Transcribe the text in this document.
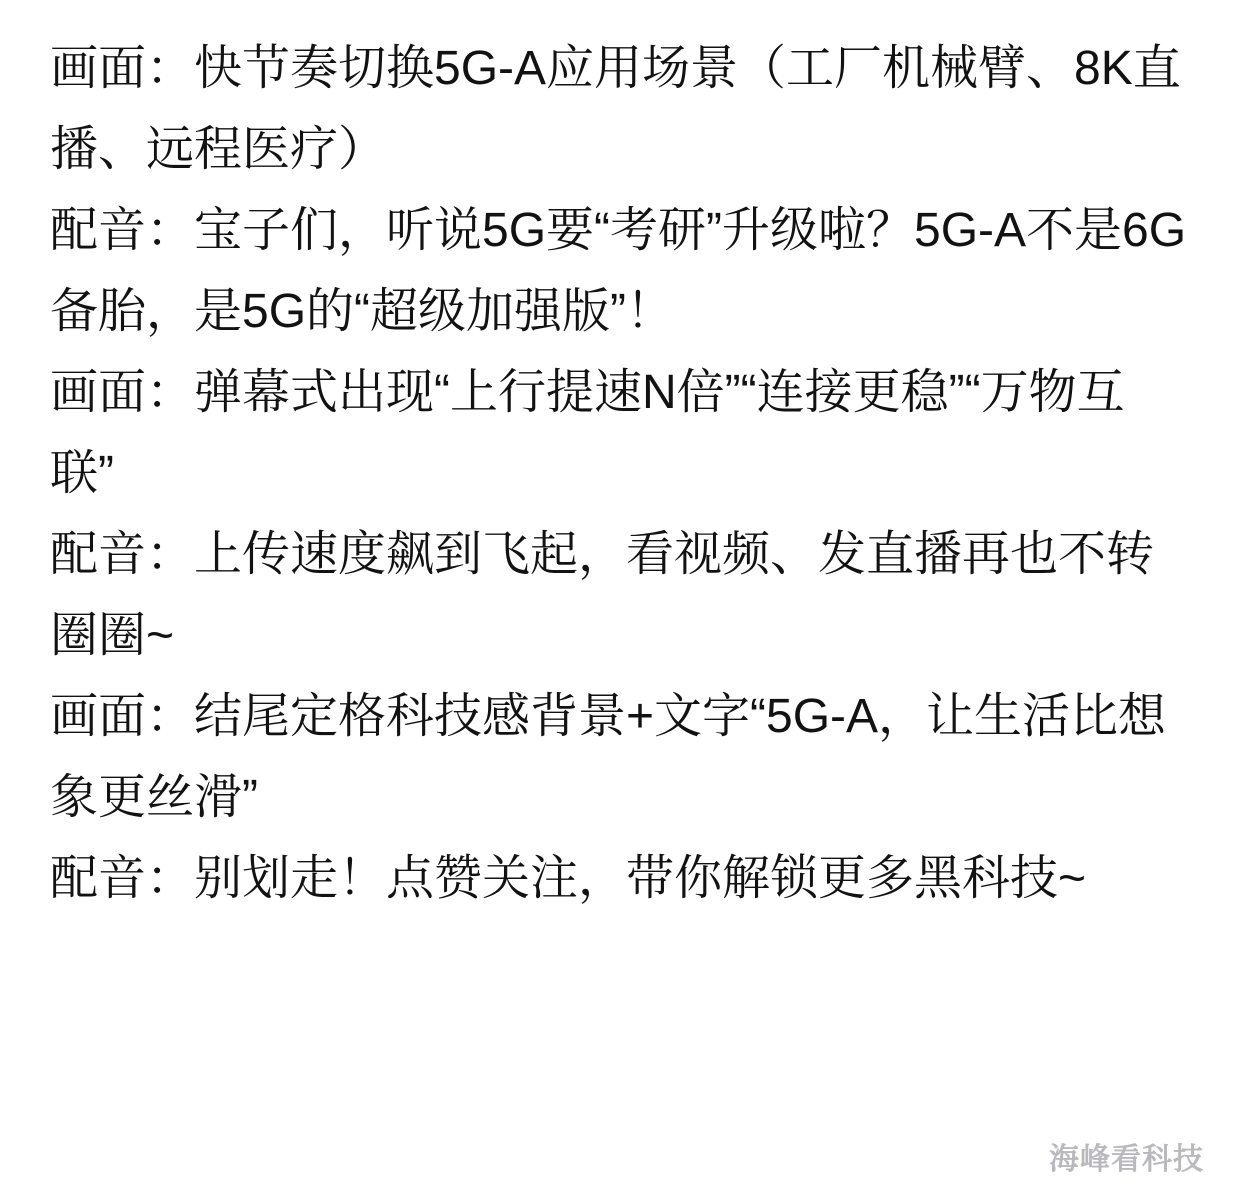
画面：快节奏切换5G-A应用场景（工厂机械臂、8K直播、远程医疗）

配音：宝子们，听说5G要“考研”升级啦？5G-A不是6G备胎，是5G的“超级加强版”！

画面：弹幕式出现“上行提速N倍”“连接更稳”“万物互联”

配音：上传速度飙到飞起，看视频、发直播再也不转圈圈~

画面：结尾定格科技感背景+文字“5G-A，让生活比想象更丝滑”

配音：别划走！点赞关注，带你解锁更多黑科技~

海峰看科技
